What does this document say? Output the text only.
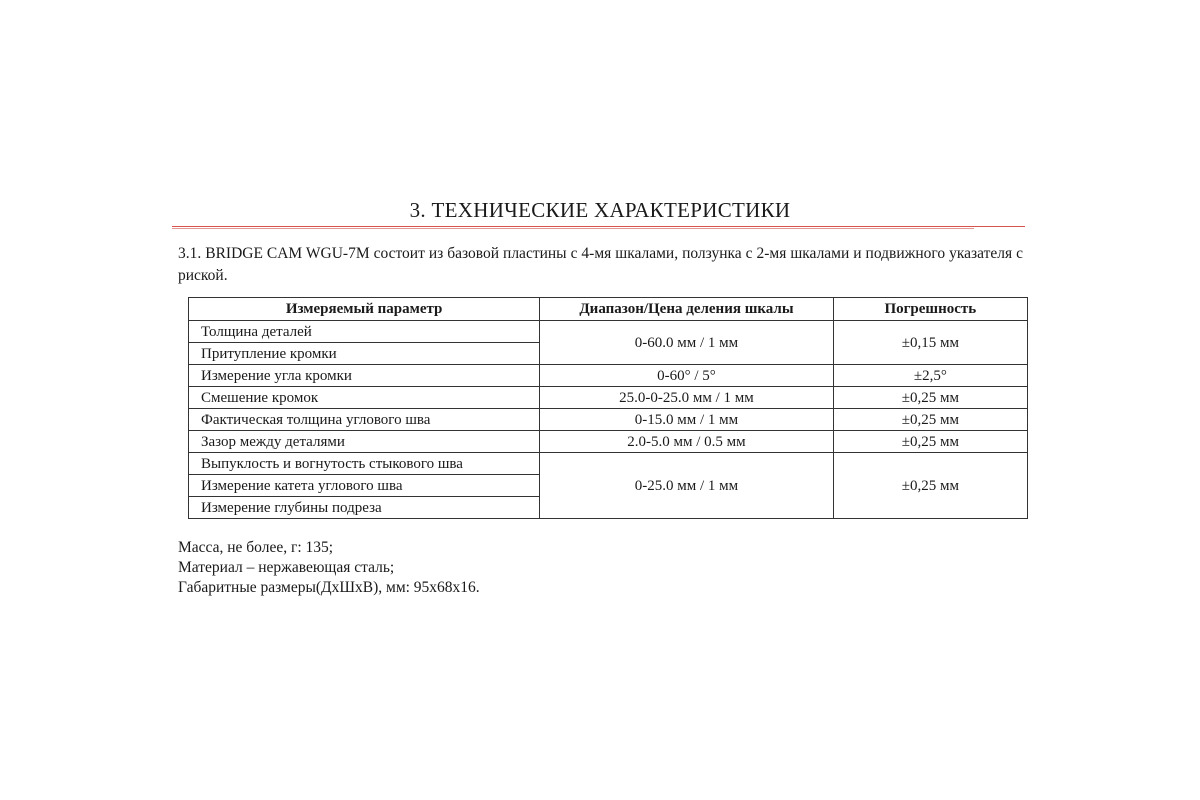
3. ТЕХНИЧЕСКИЕ ХАРАКТЕРИСТИКИ
3.1. BRIDGE CAM WGU-7M состоит из базовой пластины с 4-мя шкалами, ползунка с 2-мя шкалами и подвижного указателя с риской.
Измеряемый параметр	Диапазон/Цена деления шкалы	Погрешность
Толщина деталей	0-60.0 мм / 1 мм	±0,15 мм
Притупление кромки		
Измерение угла кромки	0-60° / 5°	±2,5°
Смешение кромок	25.0-0-25.0 мм / 1 мм	±0,25 мм
Фактическая толщина углового шва	0-15.0 мм / 1 мм	±0,25 мм
Зазор между деталями	2.0-5.0 мм / 0.5 мм	±0,25 мм
Выпуклость и вогнутость стыкового шва	0-25.0 мм / 1 мм	±0,25 мм
Измерение катета углового шва		
Измерение глубины подреза		
Масса, не более, г: 135;
Материал – нержавеющая сталь;
Габаритные размеры(ДхШхВ), мм: 95х68х16.
